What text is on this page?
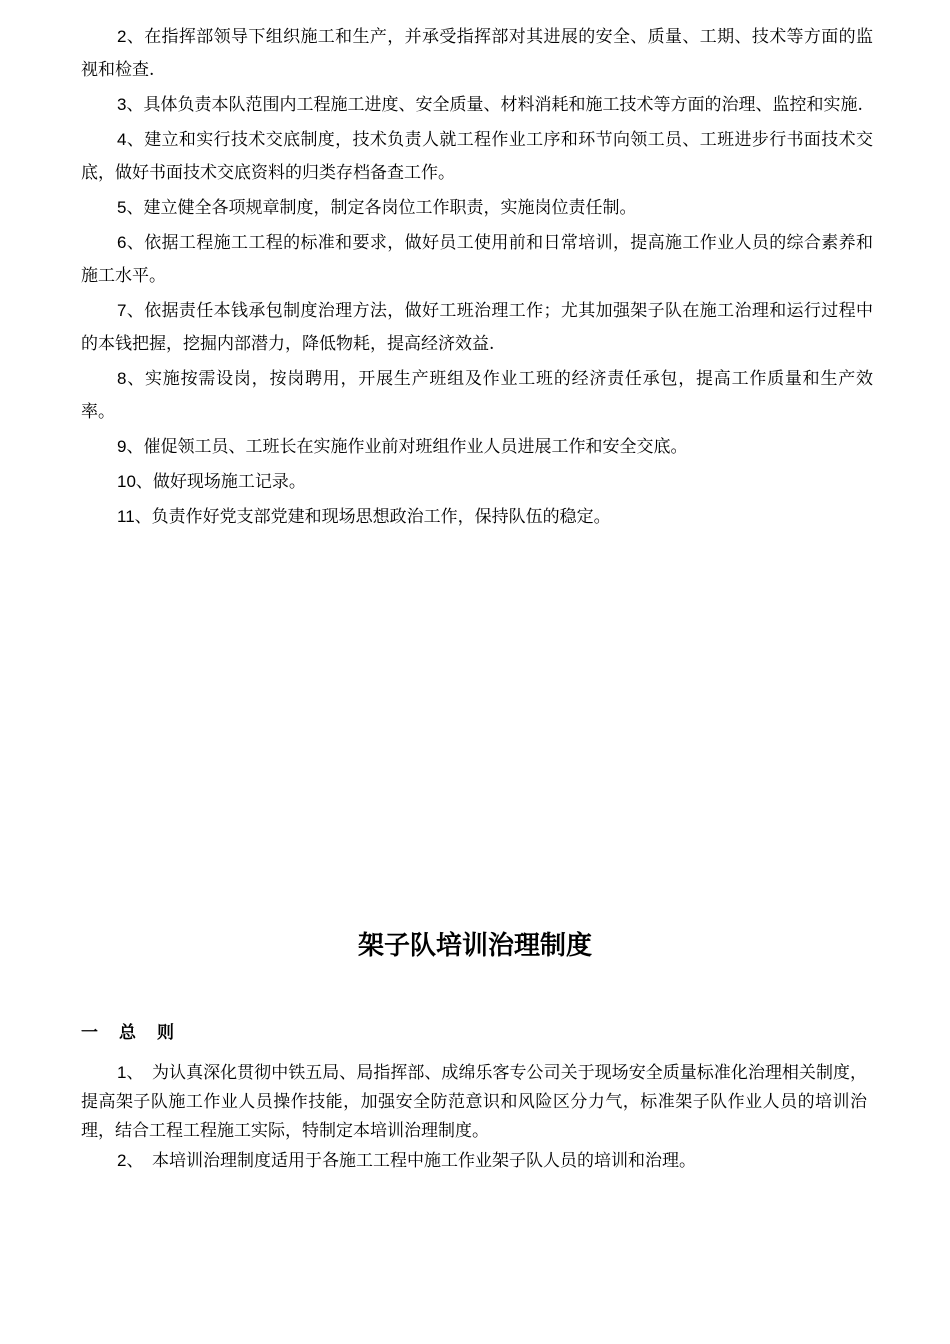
2、在指挥部领导下组织施工和生产，并承受指挥部对其进展的安全、质量、工期、技术等方面的监视和检查.

3、具体负责本队范围内工程施工进度、安全质量、材料消耗和施工技术等方面的治理、监控和实施.

4、建立和实行技术交底制度，技术负责人就工程作业工序和环节向领工员、工班进步行书面技术交底，做好书面技术交底资料的归类存档备查工作。

5、建立健全各项规章制度，制定各岗位工作职责，实施岗位责任制。

6、依据工程施工工程的标准和要求，做好员工使用前和日常培训，提高施工作业人员的综合素养和施工水平。

7、依据责任本钱承包制度治理方法，做好工班治理工作；尤其加强架子队在施工治理和运行过程中的本钱把握，挖掘内部潜力，降低物耗，提高经济效益.

8、实施按需设岗，按岗聘用，开展生产班组及作业工班的经济责任承包，提高工作质量和生产效率。

9、催促领工员、工班长在实施作业前对班组作业人员进展工作和安全交底。

10、做好现场施工记录。

11、负责作好党支部党建和现场思想政治工作，保持队伍的稳定。

架子队培训治理制度
一　总　则

1、　为认真深化贯彻中铁五局、局指挥部、成绵乐客专公司关于现场安全质量标准化治理相关制度，提高架子队施工作业人员操作技能，加强安全防范意识和风险区分力气，标准架子队作业人员的培训治理，结合工程工程施工实际，特制定本培训治理制度。

2、　本培训治理制度适用于各施工工程中施工作业架子队人员的培训和治理。
